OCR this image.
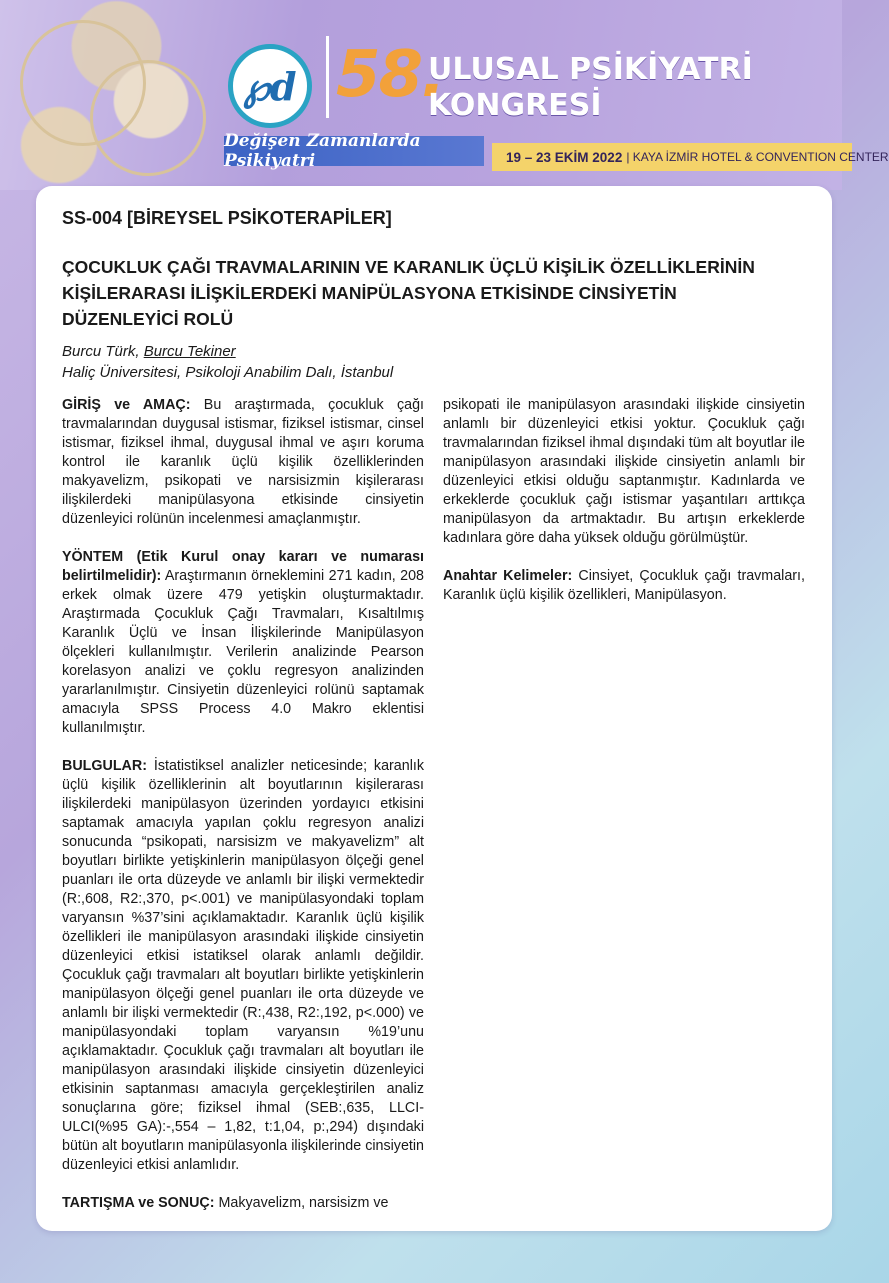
℘d 58.
ULUSAL PSİKİYATRİ
KONGRESİ
Değişen Zamanlarda Psikiyatri	19 – 23 EKİM 2022 | KAYA İZMİR HOTEL & CONVENTION CENTER
SS-004 [BİREYSEL PSİKOTERAPİLER]
ÇOCUKLUK ÇAĞI TRAVMALARININ VE KARANLIK ÜÇLÜ KİŞİLİK ÖZELLİKLERİNİN KİŞİLERARASI İLİŞKİLERDEKİ MANİPÜLASYONA ETKİSİNDE CİNSİYETİN DÜZENLEYİCİ ROLÜ
Burcu Türk, Burcu Tekiner
Haliç Üniversitesi, Psikoloji Anabilim Dalı, İstanbul

GİRİŞ ve AMAÇ: Bu araştırmada, çocukluk çağı travmalarından duygusal istismar, fiziksel istismar, cinsel istismar, fiziksel ihmal, duygusal ihmal ve aşırı koruma kontrol ile karanlık üçlü kişilik özelliklerinden makyavelizm, psikopati ve narsisizmin kişilerarası ilişkilerdeki manipülasyona etkisinde cinsiyetin düzenleyici rolünün incelenmesi amaçlanmıştır.

YÖNTEM (Etik Kurul onay kararı ve numarası belirtilmelidir): Araştırmanın örneklemini 271 kadın, 208 erkek olmak üzere 479 yetişkin oluşturmaktadır. Araştırmada Çocukluk Çağı Travmaları, Kısaltılmış Karanlık Üçlü ve İnsan İlişkilerinde Manipülasyon ölçekleri kullanılmıştır. Verilerin analizinde Pearson korelasyon analizi ve çoklu regresyon analizinden yararlanılmıştır. Cinsiyetin düzenleyici rolünü saptamak amacıyla SPSS Process 4.0 Makro eklentisi kullanılmıştır.

BULGULAR: İstatistiksel analizler neticesinde; karanlık üçlü kişilik özelliklerinin alt boyutlarının kişilerarası ilişkilerdeki manipülasyon üzerinden yordayıcı etkisini saptamak amacıyla yapılan çoklu regresyon analizi sonucunda “psikopati, narsisizm ve makyavelizm” alt boyutları birlikte yetişkinlerin manipülasyon ölçeği genel puanları ile orta düzeyde ve anlamlı bir ilişki vermektedir (R:,608, R2:,370, p<.001) ve manipülasyondaki toplam varyansın %37’sini açıklamaktadır. Karanlık üçlü kişilik özellikleri ile manipülasyon arasındaki ilişkide cinsiyetin düzenleyici etkisi istatiksel olarak anlamlı değildir. Çocukluk çağı travmaları alt boyutları birlikte yetişkinlerin manipülasyon ölçeği genel puanları ile orta düzeyde ve anlamlı bir ilişki vermektedir (R:,438, R2:,192, p<.000) ve manipülasyondaki toplam varyansın %19’unu açıklamaktadır. Çocukluk çağı travmaları alt boyutları ile manipülasyon arasındaki ilişkide cinsiyetin düzenleyici etkisinin saptanması amacıyla gerçekleştirilen analiz sonuçlarına göre; fiziksel ihmal (SEB:,635, LLCI-ULCI(%95 GA):-,554 – 1,82, t:1,04, p:,294) dışındaki bütün alt boyutların manipülasyonla ilişkilerinde cinsiyetin düzenleyici etkisi anlamlıdır.

TARTIŞMA ve SONUÇ: Makyavelizm, narsisizm ve

psikopati ile manipülasyon arasındaki ilişkide cinsiyetin anlamlı bir düzenleyici etkisi yoktur. Çocukluk çağı travmalarından fiziksel ihmal dışındaki tüm alt boyutlar ile manipülasyon arasındaki ilişkide cinsiyetin anlamlı bir düzenleyici etkisi olduğu saptanmıştır. Kadınlarda ve erkeklerde çocukluk çağı istismar yaşantıları arttıkça manipülasyon da artmaktadır. Bu artışın erkeklerde kadınlara göre daha yüksek olduğu görülmüştür.

Anahtar Kelimeler: Cinsiyet, Çocukluk çağı travmaları, Karanlık üçlü kişilik özellikleri, Manipülasyon.
